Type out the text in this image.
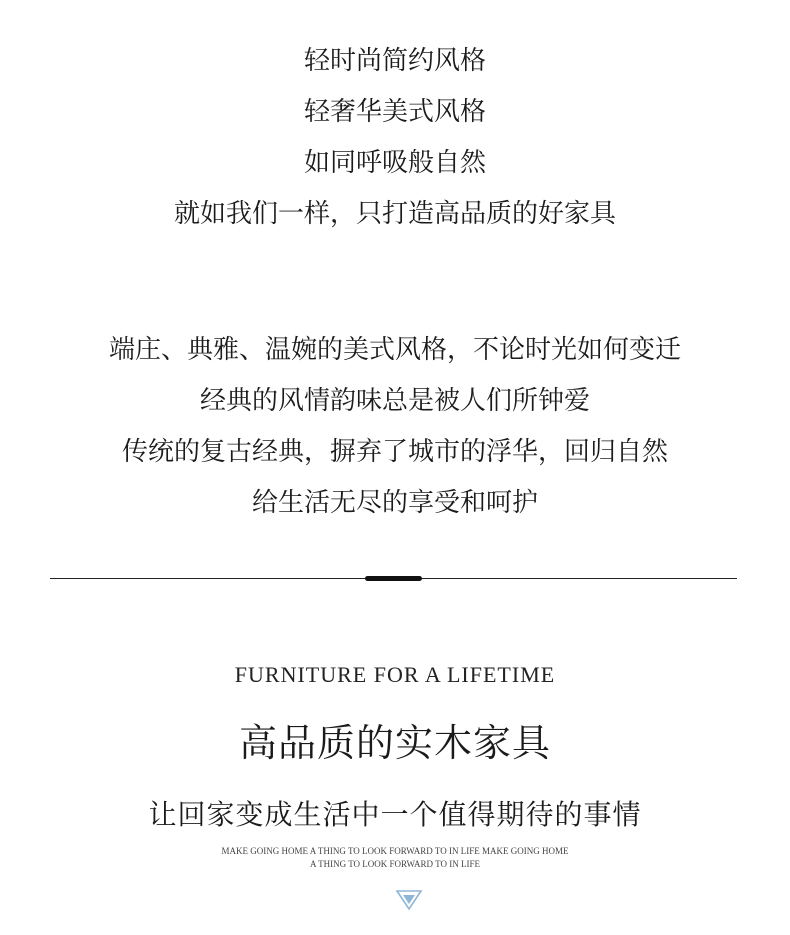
轻时尚简约风格
轻奢华美式风格
如同呼吸般自然
就如我们一样，只打造高品质的好家具
端庄、典雅、温婉的美式风格，不论时光如何变迁
经典的风情韵味总是被人们所钟爱
传统的复古经典，摒弃了城市的浮华，回归自然
给生活无尽的享受和呵护
FURNITURE FOR A LIFETIME
高品质的实木家具
让回家变成生活中一个值得期待的事情
MAKE GOING HOME A THING TO LOOK FORWARD TO IN LIFE MAKE GOING HOME
A THING TO LOOK FORWARD TO IN LIFE
